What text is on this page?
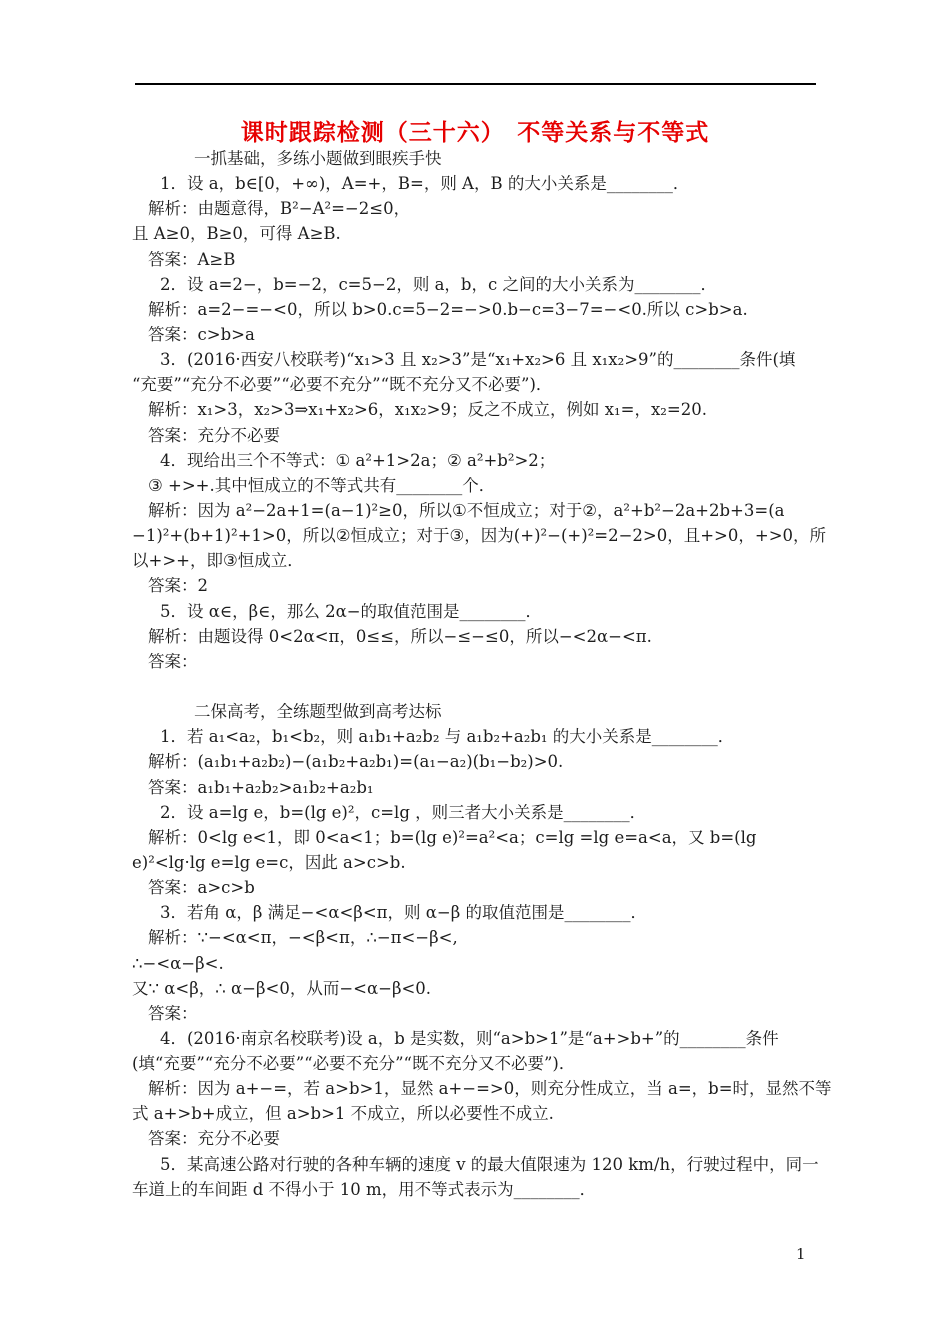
课时跟踪检测（三十六）　不等关系与不等式
一抓基础，多练小题做到眼疾手快
1．设 a，b∈[0，+∞)，A=+，B=，则 A，B 的大小关系是________．
解析：由题意得，B²−A²=−2≤0，
且 A≥0，B≥0，可得 A≥B.
答案：A≥B
2．设 a=2−，b=−2，c=5−2，则 a，b，c 之间的大小关系为________．
解析：a=2−=−<0，所以 b>0.c=5−2=−>0.b−c=3−7=−<0.所以 c>b>a.
答案：c>b>a
3．(2016·西安八校联考)“x₁>3 且 x₂>3”是“x₁+x₂>6 且 x₁x₂>9”的________条件(填
“充要”“充分不必要”“必要不充分”“既不充分又不必要”)．
解析：x₁>3，x₂>3⇒x₁+x₂>6，x₁x₂>9；反之不成立，例如 x₁=，x₂=20.
答案：充分不必要
4．现给出三个不等式：① a²+1>2a；② a²+b²>2；
③ +>+.其中恒成立的不等式共有________个．
解析：因为 a²−2a+1=(a−1)²≥0，所以①不恒成立；对于②，a²+b²−2a+2b+3=(a
−1)²+(b+1)²+1>0，所以②恒成立；对于③，因为(+)²−(+)²=2−2>0，且+>0，+>0，所
以+>+，即③恒成立．
答案：2
5．设 α∈，β∈，那么 2α−的取值范围是________．
解析：由题设得 0<2α<π，0≤≤，所以−≤−≤0，所以−<2α−<π.
答案：
二保高考，全练题型做到高考达标
1．若 a₁<a₂，b₁<b₂，则 a₁b₁+a₂b₂ 与 a₁b₂+a₂b₁ 的大小关系是________．
解析：(a₁b₁+a₂b₂)−(a₁b₂+a₂b₁)=(a₁−a₂)(b₁−b₂)>0.
答案：a₁b₁+a₂b₂>a₁b₂+a₂b₁
2．设 a=lg e，b=(lg e)²，c=lg ，则三者大小关系是________．
解析：0<lg e<1，即 0<a<1；b=(lg e)²=a²<a；c=lg =lg e=a<a，又 b=(lg
e)²<lg·lg e=lg e=c，因此 a>c>b.
答案：a>c>b
3．若角 α，β 满足−<α<β<π，则 α−β 的取值范围是________．
解析：∵−<α<π，−<β<π，∴−π<−β<,
∴−<α−β<.
又∵ α<β，∴ α−β<0，从而−<α−β<0.
答案：
4．(2016·南京名校联考)设 a，b 是实数，则“a>b>1”是“a+>b+”的________条件
(填“充要”“充分不必要”“必要不充分”“既不充分又不必要”)．
解析：因为 a+−=，若 a>b>1，显然 a+−=>0，则充分性成立，当 a=，b=时，显然不等
式 a+>b+成立，但 a>b>1 不成立，所以必要性不成立.
答案：充分不必要
5．某高速公路对行驶的各种车辆的速度 v 的最大值限速为 120 km/h，行驶过程中，同一
车道上的车间距 d 不得小于 10 m，用不等式表示为________．
1
